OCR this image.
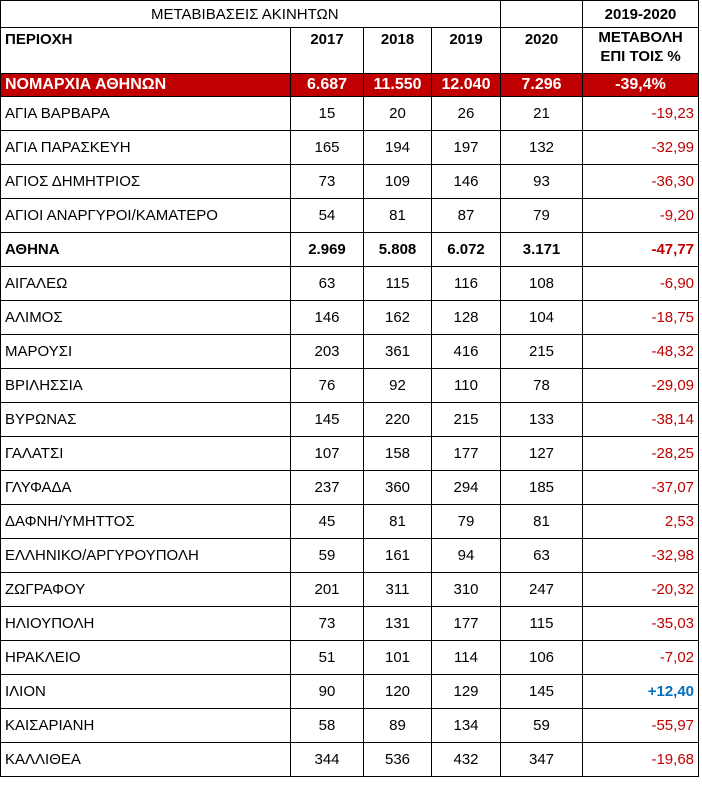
ΜΕΤΑΒΙΒΑΣΕΙΣ ΑΚΙΝΗΤΩΝ					2019-2020
ΠΕΡΙΟΧΗ	2017	2018	2019	2020	ΜΕΤΑΒΟΛΗ
ΕΠΙ ΤΟΙΣ %

ΝΟΜΑΡΧΙΑ ΑΘΗΝΩΝ	6.687	11.550	12.040	7.296	-39,4%
ΑΓΙΑ ΒΑΡΒΑΡΑ	15	20	26	21	-19,23
ΑΓΙΑ ΠΑΡΑΣΚΕΥΗ	165	194	197	132	-32,99
ΑΓΙΟΣ ΔΗΜΗΤΡΙΟΣ	73	109	146	93	-36,30
ΑΓΙΟΙ ΑΝΑΡΓΥΡΟΙ/ΚΑΜΑΤΕΡΟ	54	81	87	79	-9,20
ΑΘΗΝΑ	2.969	5.808	6.072	3.171	-47,77
ΑΙΓΑΛΕΩ	63	115	116	108	-6,90
ΑΛΙΜΟΣ	146	162	128	104	-18,75
ΜΑΡΟΥΣΙ	203	361	416	215	-48,32
ΒΡΙΛΗΣΣΙΑ	76	92	110	78	-29,09
ΒΥΡΩΝΑΣ	145	220	215	133	-38,14
ΓΑΛΑΤΣΙ	107	158	177	127	-28,25
ΓΛΥΦΑΔΑ	237	360	294	185	-37,07
ΔΑΦΝΗ/ΥΜΗΤΤΟΣ	45	81	79	81	2,53
ΕΛΛΗΝΙΚΟ/ΑΡΓΥΡΟΥΠΟΛΗ	59	161	94	63	-32,98
ΖΩΓΡΑΦΟΥ	201	311	310	247	-20,32
ΗΛΙΟΥΠΟΛΗ	73	131	177	115	-35,03
ΗΡΑΚΛΕΙΟ	51	101	114	106	-7,02
ΙΛΙΟΝ	90	120	129	145	+12,40
ΚΑΙΣΑΡΙΑΝΗ	58	89	134	59	-55,97
ΚΑΛΛΙΘΕΑ	344	536	432	347	-19,68
